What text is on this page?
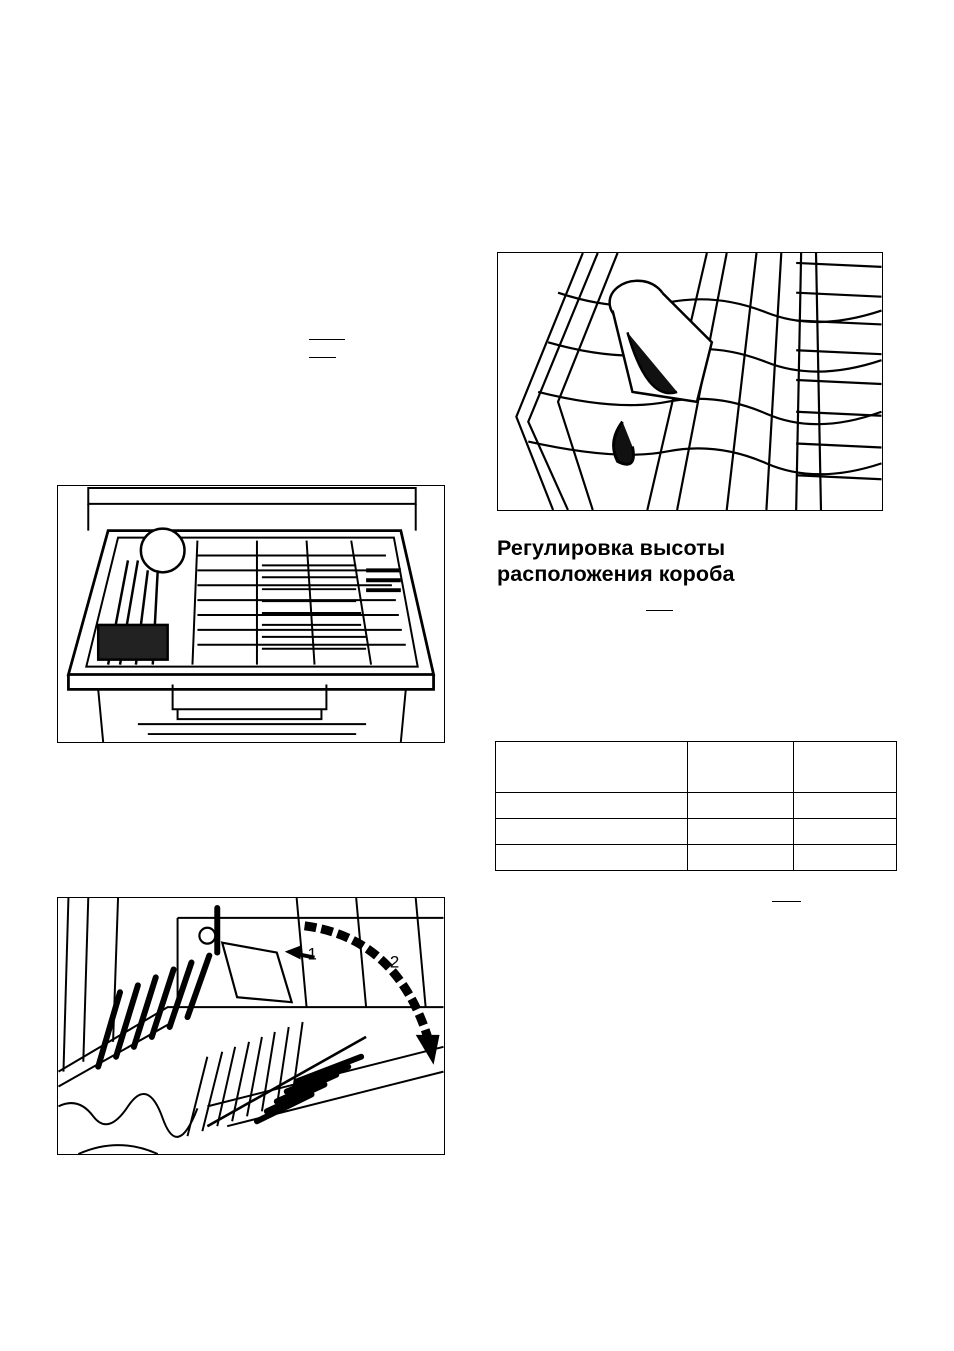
Регулировка высоты
расположения короба

1	2
